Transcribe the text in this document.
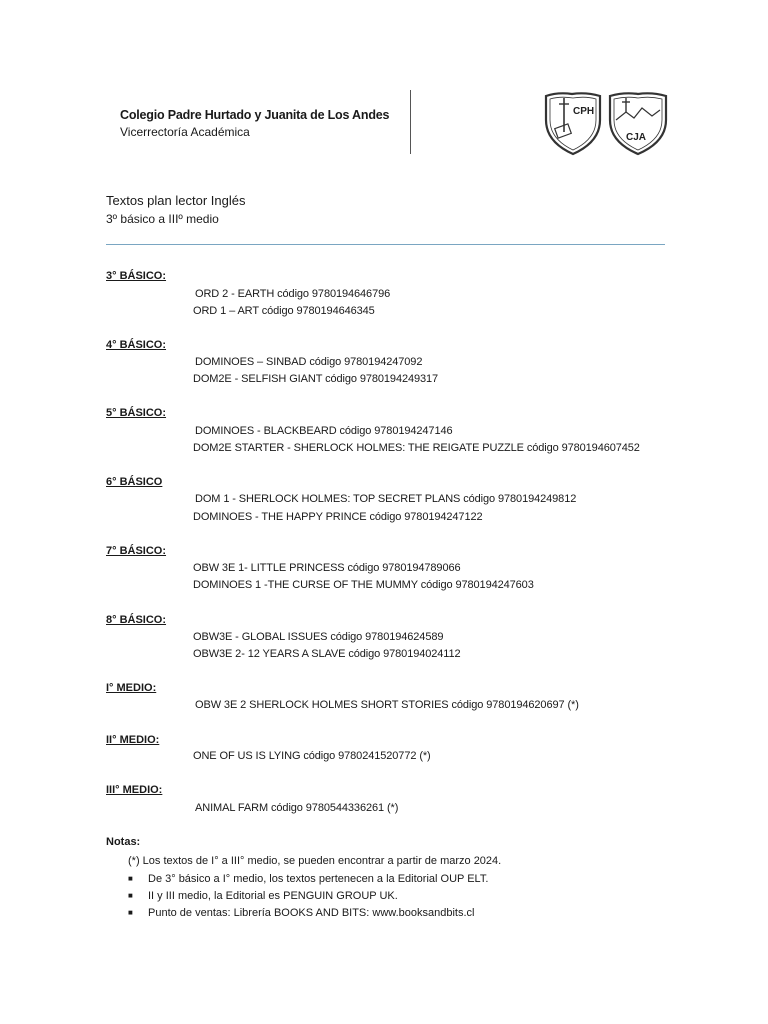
Colegio Padre Hurtado y Juanita de Los Andes
Vicerrectoría Académica
CPH
CJA
Textos plan lector Inglés
3º básico a IIIº medio
3° BÁSICO:
ORD 2 - EARTH código 9780194646796
ORD 1 – ART código 9780194646345
4° BÁSICO:
DOMINOES – SINBAD código 9780194247092
DOM2E - SELFISH GIANT código 9780194249317
5° BÁSICO:
DOMINOES - BLACKBEARD código 9780194247146
DOM2E STARTER - SHERLOCK HOLMES: THE REIGATE PUZZLE código 9780194607452
6° BÁSICO
DOM 1 - SHERLOCK HOLMES: TOP SECRET PLANS código 9780194249812
DOMINOES - THE HAPPY PRINCE código 9780194247122
7° BÁSICO:
OBW 3E 1- LITTLE PRINCESS código 9780194789066
DOMINOES 1 -THE CURSE OF THE MUMMY código 9780194247603
8° BÁSICO:
OBW3E - GLOBAL ISSUES código 9780194624589
OBW3E 2- 12 YEARS A SLAVE código 9780194024112
I° MEDIO:
OBW 3E 2 SHERLOCK HOLMES SHORT STORIES código 9780194620697 (*)
II° MEDIO:
ONE OF US IS LYING código 9780241520772 (*)
III° MEDIO:
ANIMAL FARM código 9780544336261 (*)
Notas:
(*) Los textos de I° a III° medio, se pueden encontrar a partir de marzo 2024.
■ De 3° básico a I° medio, los textos pertenecen a la Editorial OUP ELT.
■ II y III medio, la Editorial es PENGUIN GROUP UK.
■ Punto de ventas: Librería BOOKS AND BITS: www.booksandbits.cl
